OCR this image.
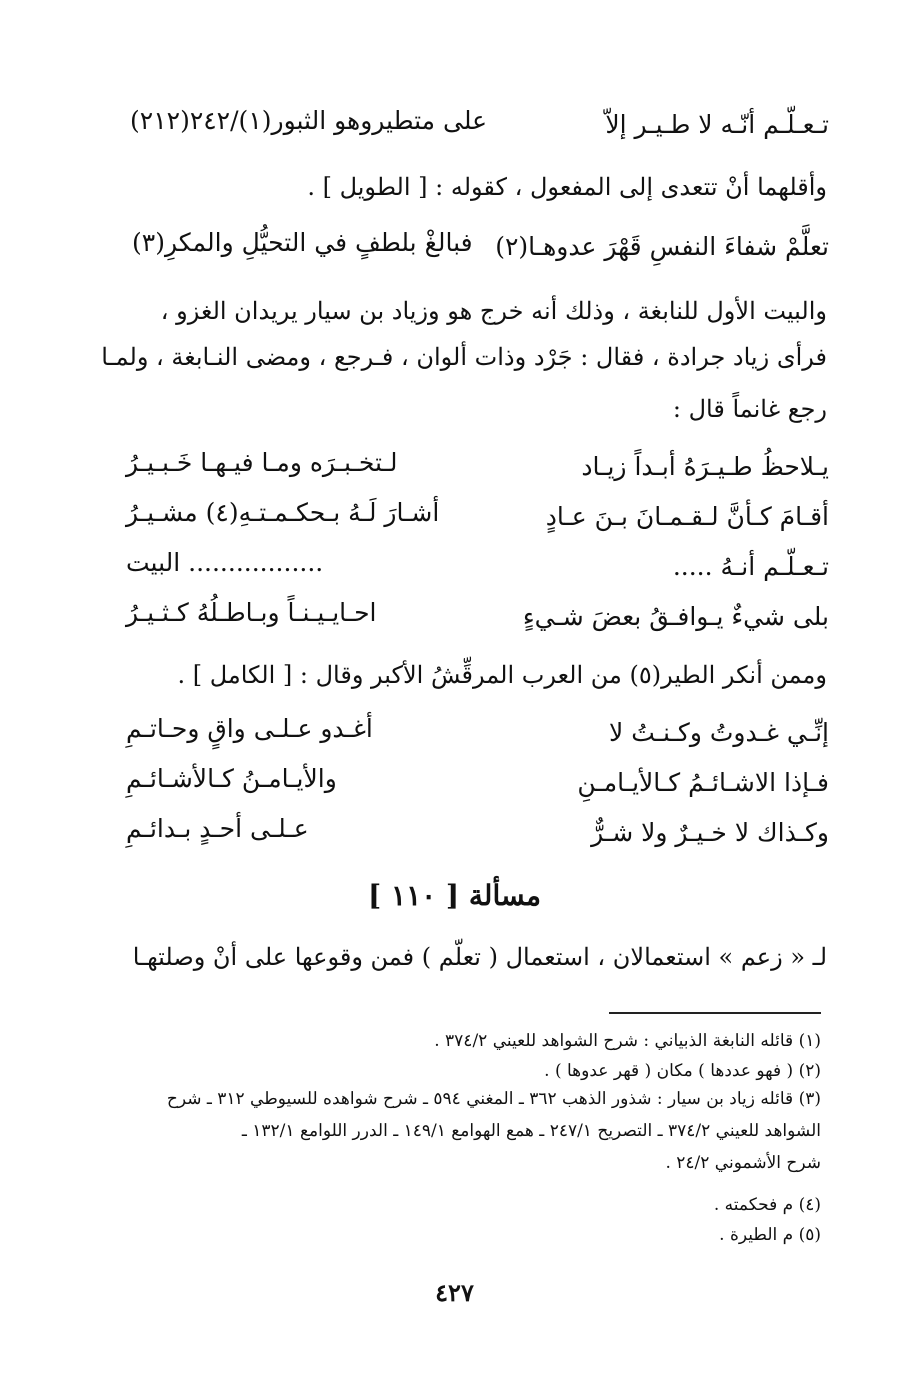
تـعـلّـم أنّـه لا طـيـر إلاّ
على متطيروهو الثبور(١)/٢٤٢(٢١٢)
وأقلهما أنْ تتعدى إلى المفعول ، كقوله : [ الطويل ] .
تعلَّمْ شفاءَ النفسِ قَهْرَ عدوهـا(٢)
فبالغْ بلطفٍ في التحيُّلِ والمكرِ(٣)
والبيت الأول للنابغة ، وذلك أنه خرج هو وزياد بن سيار يريدان الغزو ،
فرأى زياد جرادة ، فقال : جَرْد وذات ألوان ، فـرجع ، ومضى النـابغة ، ولمـا
رجع غانماً قال :
يـلاحظُ طـيـرَهُ أبـداً زيـاد
لـتخـبـرَه ومـا فيـهـا خَـبـيـرُ
أقـامَ كـأنَّ لـقـمـانَ بـنَ عـادٍ
أشـارَ لَـهُ بـحكـمـتـهِ(٤) مشـيـرُ
تـعـلّـم أنـهُ .....
................. البيت
بلى شيءٌ يـوافـقُ بعضَ شـيءٍ
احـايـيـنـاً وبـاطـلُهُ كـثـيـرُ
وممن أنكر الطير(٥) من العرب المرقِّشُ الأكبر وقال : [ الكامل ] .
إنِّـي غـدوتُ وكـنـتُ لا
أغـدو عـلـى واقٍ وحـاتـمِ
فـإذا الاشـائـمُ كـالأيـامـنِ
والأيـامـنُ كـالأشـائـمِ
وكـذاك لا خـيـرٌ ولا شـرٌّ
عـلـى أحـدٍ بـدائـمِ
مسألة [ ١١٠ ]
لـ « زعم » استعمالان ، استعمال ( تعلّم ) فمن وقوعها على أنْ وصلتهـا
(١) قائله النابغة الذبياني : شرح الشواهد للعيني ٣٧٤/٢ .
(٢) ( فهو عددها ) مكان ( قهر عدوها ) .
(٣) قائله زياد بن سيار : شذور الذهب ٣٦٢ ـ المغني ٥٩٤ ـ شرح شواهده للسيوطي ٣١٢ ـ شرح
الشواهد للعيني ٣٧٤/٢ ـ التصريح ٢٤٧/١ ـ همع الهوامع ١٤٩/١ ـ الدرر اللوامع ١٣٢/١ ـ
شرح الأشموني ٢٤/٢ .
(٤) م فحكمته .
(٥) م الطيرة .
٤٢٧
